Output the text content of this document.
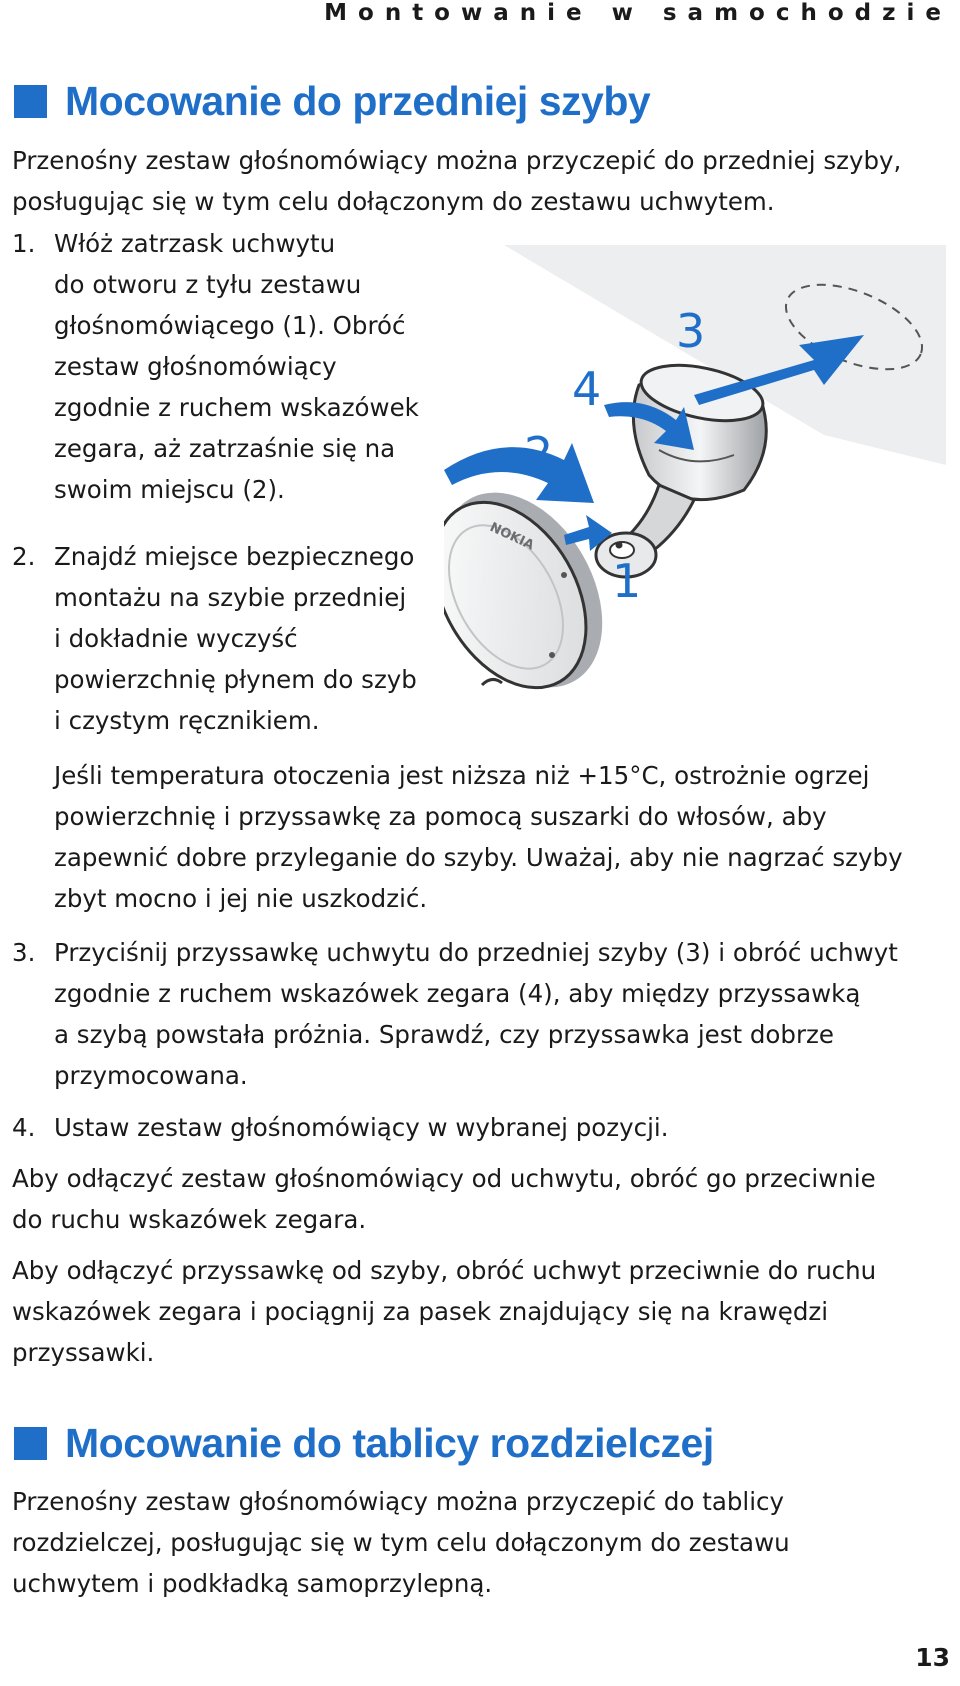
Montowanie w samochodzie
Mocowanie do przedniej szyby
Przenośny zestaw głośnomówiący można przyczepić do przedniej szyby,
posługując się w tym celu dołączonym do zestawu uchwytem.
1. Włóż zatrzask uchwytu
do otworu z tyłu zestawu
głośnomówiącego (1). Obróć
zestaw głośnomówiący
zgodnie z ruchem wskazówek
zegara, aż zatrzaśnie się na
swoim miejscu (2).
2. Znajdź miejsce bezpiecznego
montażu na szybie przedniej
i dokładnie wyczyść
powierzchnię płynem do szyb
i czystym ręcznikiem.
NOKIA
1
2
3
4
Jeśli temperatura otoczenia jest niższa niż +15°C, ostrożnie ogrzej
powierzchnię i przyssawkę za pomocą suszarki do włosów, aby
zapewnić dobre przyleganie do szyby. Uważaj, aby nie nagrzać szyby
zbyt mocno i jej nie uszkodzić.
3. Przyciśnij przyssawkę uchwytu do przedniej szyby (3) i obróć uchwyt
zgodnie z ruchem wskazówek zegara (4), aby między przyssawką
a szybą powstała próżnia. Sprawdź, czy przyssawka jest dobrze
przymocowana.
4. Ustaw zestaw głośnomówiący w wybranej pozycji.
Aby odłączyć zestaw głośnomówiący od uchwytu, obróć go przeciwnie
do ruchu wskazówek zegara.
Aby odłączyć przyssawkę od szyby, obróć uchwyt przeciwnie do ruchu
wskazówek zegara i pociągnij za pasek znajdujący się na krawędzi
przyssawki.
Mocowanie do tablicy rozdzielczej
Przenośny zestaw głośnomówiący można przyczepić do tablicy
rozdzielczej, posługując się w tym celu dołączonym do zestawu
uchwytem i podkładką samoprzylepną.
13
